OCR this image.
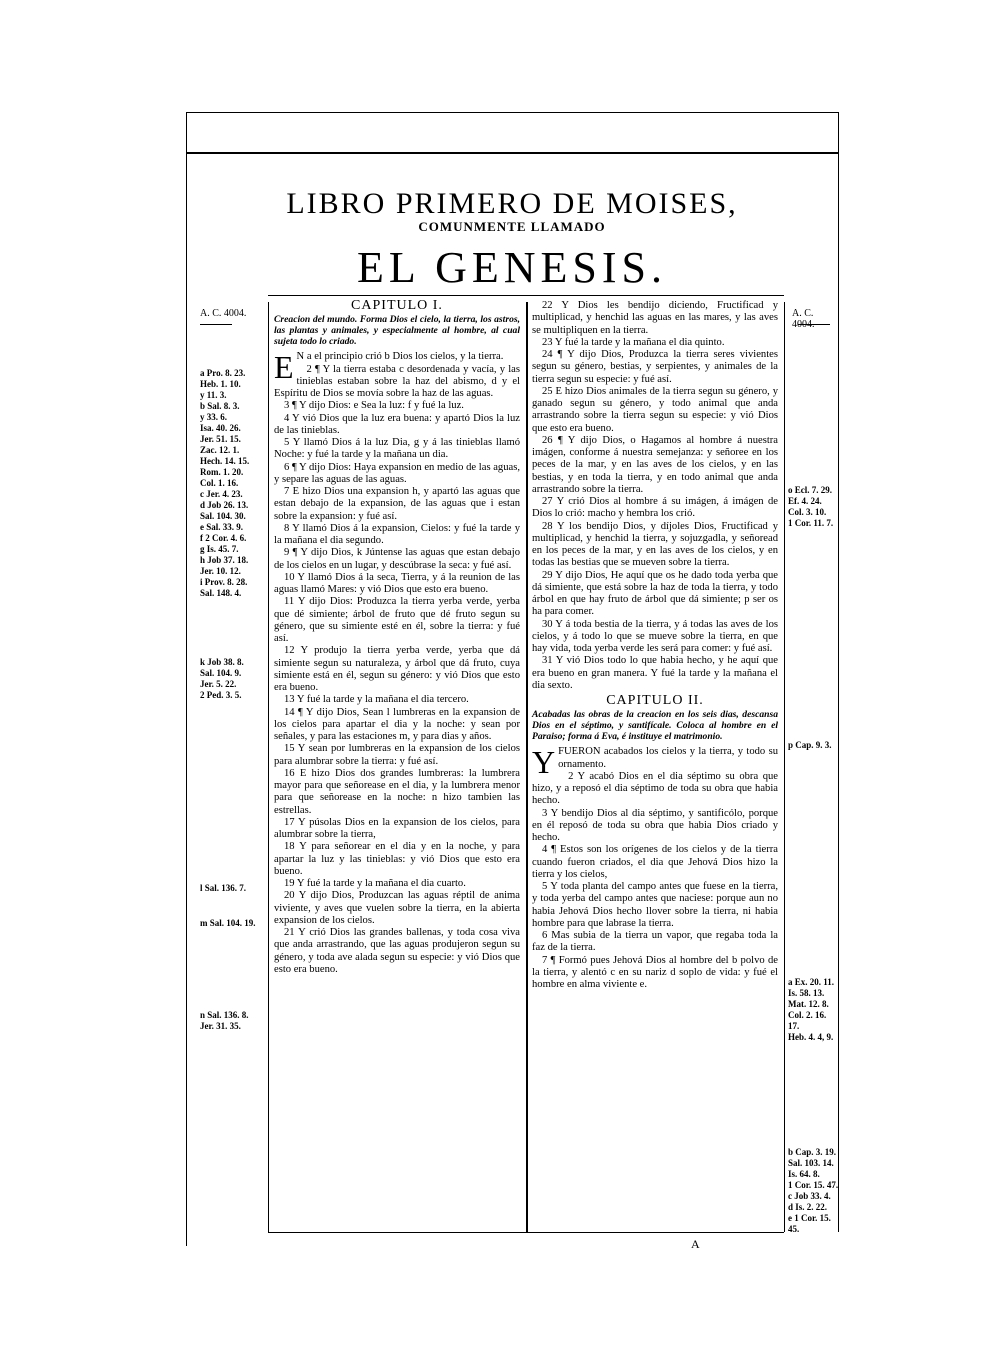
LIBRO PRIMERO DE MOISES,
COMUNMENTE LLAMADO
EL GENESIS.
A. C. 4004.	A. C. 4004.
a Pro. 8. 23.
Heb. 1. 10.
y 11. 3.
b Sal. 8. 3.
y 33. 6.
Isa. 40. 26.
Jer. 51. 15.
Zac. 12. 1.
Hech. 14. 15.
Rom. 1. 20.
Col. 1. 16.
c Jer. 4. 23.
d Job 26. 13.
Sal. 104. 30.
e Sal. 33. 9.
f 2 Cor. 4. 6.
g Is. 45. 7.
h Job 37. 18.
Jer. 10. 12.
i Prov. 8. 28.
Sal. 148. 4.
k Job 38. 8.
Sal. 104. 9.
Jer. 5. 22.
2 Ped. 3. 5.
l Sal. 136. 7.
m Sal. 104. 19.
n Sal. 136. 8.
Jer. 31. 35.
o Ecl. 7. 29.
Ef. 4. 24.
Col. 3. 10.
1 Cor. 11. 7.
p Cap. 9. 3.
a Ex. 20. 11.
Is. 58. 13.
Mat. 12. 8.
Col. 2. 16.
17.
Heb. 4. 4, 9.
b Cap. 3. 19.
Sal. 103. 14.
Is. 64. 8.
1 Cor. 15. 47.
c Job 33. 4.
d Is. 2. 22.
e 1 Cor. 15. 45.
CAPITULO I.
Creacion del mundo. Forma Dios el cielo, la tierra, los astros, las plantas y animales, y especialmente al hombre, al cual sujeta todo lo criado.

E N a el principio crió b Dios los cielos, y la tierra.

2 ¶ Y la tierra estaba c desordenada y vacía, y las tinieblas estaban sobre la haz del abismo, d y el Espíritu de Dios se movía sobre la haz de las aguas.

3 ¶ Y dijo Dios: e Sea la luz: f y fué la luz.

4 Y vió Dios que la luz era buena: y apartó Dios la luz de las tinieblas.

5 Y llamó Dios á la luz Dia, g y á las tinieblas llamó Noche: y fué la tarde y la mañana un dia.

6 ¶ Y dijo Dios: Haya expansion en medio de las aguas, y separe las aguas de las aguas.

7 E hizo Dios una expansion h, y apartó las aguas que estan debajo de la expansion, de las aguas que i estan sobre la expansion: y fué así.

8 Y llamó Dios á la expansion, Cielos: y fué la tarde y la mañana el dia segundo.

9 ¶ Y dijo Dios, k Júntense las aguas que estan debajo de los cielos en un lugar, y descúbrase la seca: y fué así.

10 Y llamó Dios á la seca, Tierra, y á la reunion de las aguas llamó Mares: y vió Dios que esto era bueno.

11 Y dijo Dios: Produzca la tierra yerba verde, yerba que dé simiente; árbol de fruto que dé fruto segun su género, que su simiente esté en él, sobre la tierra: y fué así.

12 Y produjo la tierra yerba verde, yerba que dá simiente segun su naturaleza, y árbol que dá fruto, cuya simiente está en él, segun su género: y vió Dios que esto era bueno.

13 Y fué la tarde y la mañana el dia tercero.

14 ¶ Y dijo Dios, Sean l lumbreras en la expansion de los cielos para apartar el dia y la noche: y sean por señales, y para las estaciones m, y para dias y años.

15 Y sean por lumbreras en la expansion de los cielos para alumbrar sobre la tierra: y fué así.

16 E hizo Dios dos grandes lumbreras: la lumbrera mayor para que señorease en el dia, y la lumbrera menor para que señorease en la noche: n hizo tambien las estrellas.

17 Y púsolas Dios en la expansion de los cielos, para alumbrar sobre la tierra,

18 Y para señorear en el dia y en la noche, y para apartar la luz y las tinieblas: y vió Dios que esto era bueno.

19 Y fué la tarde y la mañana el dia cuarto.

20 Y dijo Dios, Produzcan las aguas réptil de anima viviente, y aves que vuelen sobre la tierra, en la abierta expansion de los cielos.

21 Y crió Dios las grandes ballenas, y toda cosa viva que anda arrastrando, que las aguas produjeron segun su género, y toda ave alada segun su especie: y vió Dios que esto era bueno.

22 Y Dios les bendijo diciendo, Fructificad y multiplicad, y henchid las aguas en las mares, y las aves se multipliquen en la tierra.

23 Y fué la tarde y la mañana el dia quinto.

24 ¶ Y dijo Dios, Produzca la tierra seres vivientes segun su género, bestias, y serpientes, y animales de la tierra segun su especie: y fué así.

25 E hizo Dios animales de la tierra segun su género, y ganado segun su género, y todo animal que anda arrastrando sobre la tierra segun su especie: y vió Dios que esto era bueno.

26 ¶ Y dijo Dios, o Hagamos al hombre á nuestra imágen, conforme á nuestra semejanza: y señoree en los peces de la mar, y en las aves de los cielos, y en las bestias, y en toda la tierra, y en todo animal que anda arrastrando sobre la tierra.

27 Y crió Dios al hombre á su imágen, á imágen de Dios lo crió: macho y hembra los crió.

28 Y los bendijo Dios, y díjoles Dios, Fructificad y multiplicad, y henchid la tierra, y sojuzgadla, y señoread en los peces de la mar, y en las aves de los cielos, y en todas las bestias que se mueven sobre la tierra.

29 Y dijo Dios, He aquí que os he dado toda yerba que dá simiente, que está sobre la haz de toda la tierra, y todo árbol en que hay fruto de árbol que dá simiente; p ser os ha para comer.

30 Y á toda bestia de la tierra, y á todas las aves de los cielos, y á todo lo que se mueve sobre la tierra, en que hay vida, toda yerba verde les será para comer: y fué así.

31 Y vió Dios todo lo que habia hecho, y he aquí que era bueno en gran manera. Y fué la tarde y la mañana el dia sexto.

CAPITULO II.
Acabadas las obras de la creacion en los seis dias, descansa Dios en el séptimo, y santifícale. Coloca al hombre en el Paraiso; forma á Eva, é instituye el matrimonio.

YFUERON acabados los cielos y la tierra, y todo su ornamento.

2 Y acabó Dios en el dia séptimo su obra que hizo, y a reposó el dia séptimo de toda su obra que habia hecho.

3 Y bendijo Dios al dia séptimo, y santificólo, porque en él reposó de toda su obra que habia Dios criado y hecho.

4 ¶ Estos son los orígenes de los cielos y de la tierra cuando fueron criados, el dia que Jehová Dios hizo la tierra y los cielos,

5 Y toda planta del campo antes que fuese en la tierra, y toda yerba del campo antes que naciese: porque aun no habia Jehová Dios hecho llover sobre la tierra, ni habia hombre para que labrase la tierra.

6 Mas subia de la tierra un vapor, que regaba toda la faz de la tierra.

7 ¶ Formó pues Jehová Dios al hombre del b polvo de la tierra, y alentó c en su nariz d soplo de vida: y fué el hombre en alma viviente e.

A
